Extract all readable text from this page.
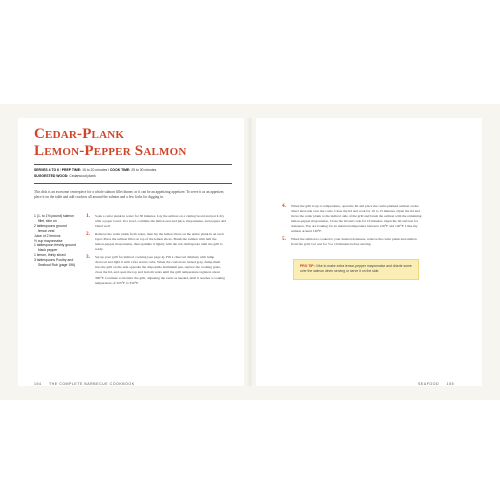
Cedar-Plank
Lemon-Pepper Salmon
SERVES 4 TO 6 / PREP TIME: 15 to 20 minutes / COOK TIME: 25 to 30 minutes
SUGGESTED WOOD: Cedarwood plank
This dish is an awesome centerpiece for a whole salmon fillet dinner, or it can be an appetizing appetizer. To serve it as an appetizer, place it on the table and add crackers all around the salmon and a few forks for digging in.
1 (1- to 1½-pound) salmon fillet, skin on
2 tablespoons ground lemon zest
Juice of 2 lemons
½ cup mayonnaise
1 tablespoon freshly ground black pepper
1 lemon, thinly sliced
3 tablespoons Poultry and Seafood Rub (page 196)
1. Soak a cedar plank in water for 30 minutes. Lay the salmon on a cutting board and pat it dry with a paper towel. In a bowl, combine the lemon zest and juice, mayonnaise, and pepper and blend well.
2. Remove the cedar plank from water, then lay the lemon slices on the entire plank in an even layer. Place the salmon fillet on top of the lemon slices. Brush the salmon with half the lemon-pepper mayonnaise, then sprinkle it lightly with the rub. Refrigerate until the grill is ready.
3. Set up your grill for indirect cooking (see page 4). Fill a charcoal chimney with lump charcoal and light it with a fire starter cube. When the coals have turned gray, dump them into the grill on the side opposite the disposable aluminum pan, replace the cooking grate, close the lid, and open the top and bottom vents until the grill temperature registers about 300°F. Continue to monitor the grill, adjusting the vents as needed, until it reaches a cooking temperature of 325°F to 350°F.
4. When the grill is up to temperature, open the lid and place the cedar-planked salmon on the direct heat side over the coals. Close the lid and cook for 10 to 15 minutes. Open the lid and move the cedar plank to the indirect side of the grill and brush the salmon with the remaining lemon-pepper mayonnaise. Close the lid and cook for 10 minutes. Open the lid and test for doneness. You are looking for an internal temperature between 120°F and 140°F. I like my salmon around 130°F.
5. When the salmon is cooked to your desired doneness, remove the cedar plank and salmon from the grill. Let rest for 5 to 10 minutes before serving.
PRO TIP: I like to make extra lemon-pepper mayonnaise and drizzle some over the salmon when serving or serve it on the side.
154 THE COMPLETE BARBECUE COOKBOOK	SEAFOOD 155
